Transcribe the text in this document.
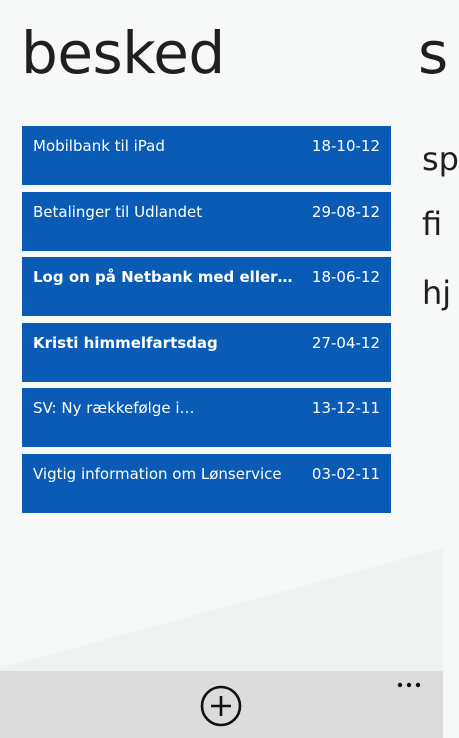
besked	s
sp
fi
hj
Mobilbank til iPad	18-10-12
Betalinger til Udlandet	29-08-12
Log on på Netbank med eller… 18-06-12
Kristi himmelfartsdag	27-04-12
SV: Ny rækkefølge i…	13-12-11
Vigtig information om Lønservice 03-02-11
